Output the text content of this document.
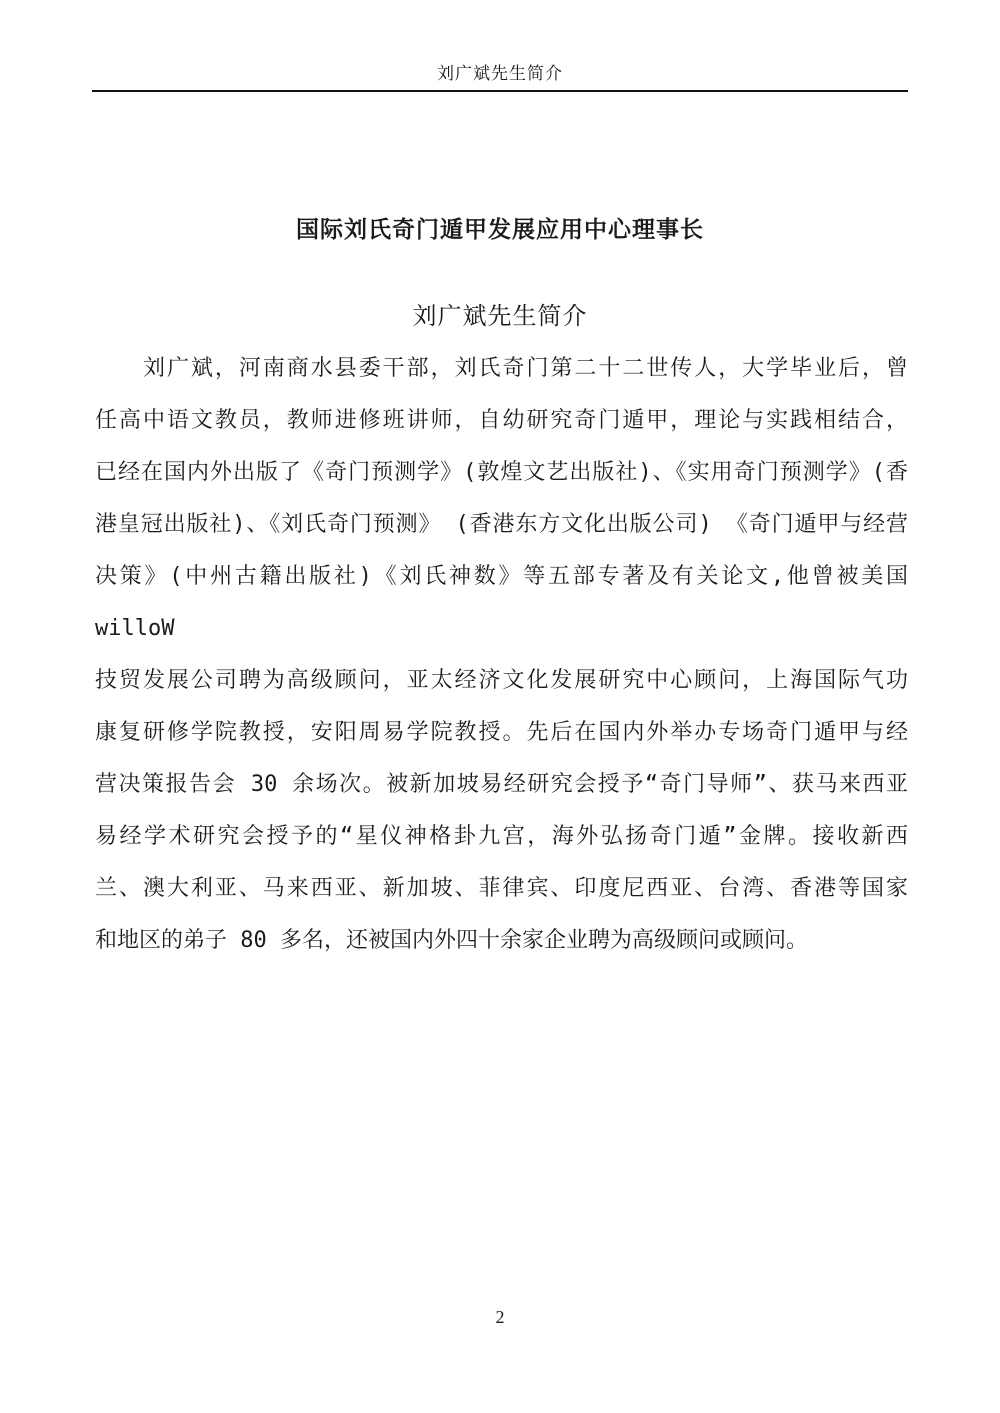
刘广斌先生简介
国际刘氏奇门遁甲发展应用中心理事长
刘广斌先生简介
刘广斌，河南商水县委干部，刘氏奇门第二十二世传人，大学毕业后，曾
任高中语文教员，教师进修班讲师，自幼研究奇门遁甲，理论与实践相结合，
已经在国内外出版了《奇门预测学》(敦煌文艺出版社)、《实用奇门预测学》(香
港皇冠出版社)、《刘氏奇门预测》 (香港东方文化出版公司) 《奇门遁甲与经营
决策》(中州古籍出版社)《刘氏神数》等五部专著及有关论文,他曾被美国 willoW
技贸发展公司聘为高级顾问，亚太经济文化发展研究中心顾问，上海国际气功
康复研修学院教授，安阳周易学院教授。先后在国内外举办专场奇门遁甲与经
营决策报告会 30 余场次。被新加坡易经研究会授予“奇门导师”、获马来西亚
易经学术研究会授予的“星仪神格卦九宫，海外弘扬奇门遁”金牌。接收新西
兰、澳大利亚、马来西亚、新加坡、菲律宾、印度尼西亚、台湾、香港等国家
和地区的弟子 80 多名，还被国内外四十余家企业聘为高级顾问或顾问。
2
